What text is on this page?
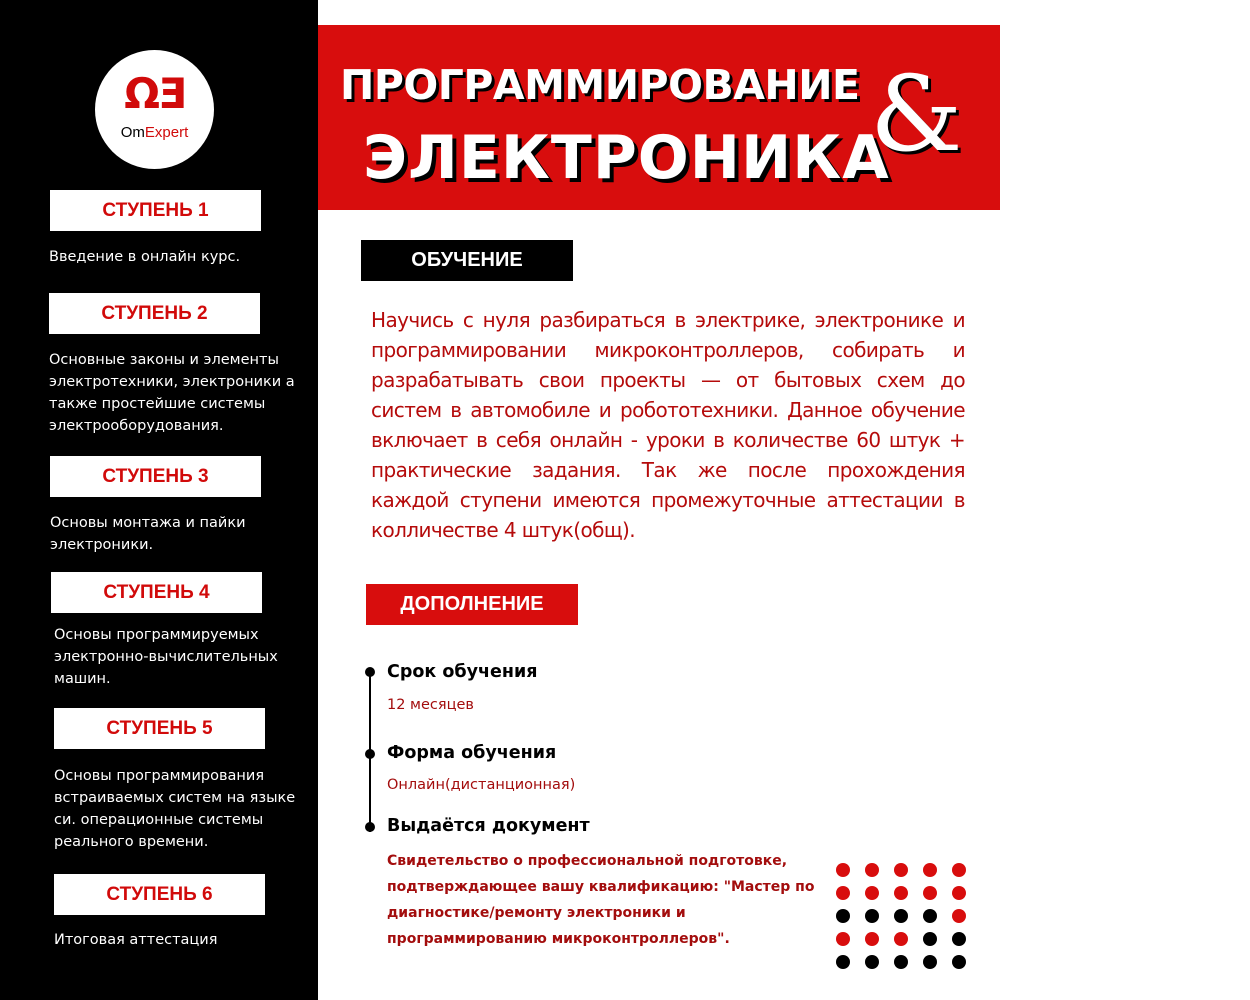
ΩƎ
OmExpert
СТУПЕНЬ 1
Введение в онлайн курс.
СТУПЕНЬ 2
Основные законы и элементы электротехники, электроники а также простейшие системы электрооборудования.
СТУПЕНЬ 3
Основы монтажа и пайки электроники.
СТУПЕНЬ 4
Основы программируемых электронно-вычислительных машин.
СТУПЕНЬ 5
Основы программирования встраиваемых систем на языке си. операционные системы реального времени.
СТУПЕНЬ 6
Итоговая аттестация
ПРОГРАММИРОВАНИЕ
ЭЛЕКТРОНИКА
&	Kaspi.kz
ОБУЧЕНИЕ
Научись с нуля разбираться в электрике, электронике и программировании микроконтроллеров, собирать и разрабатывать свои проекты — от бытовых схем до систем в автомобиле и робототехники. Данное обучение включает в себя онлайн - уроки в количестве 60 штук + практические задания. Так же после прохождения каждой ступени имеются промежуточные аттестации в колличестве 4 штук(общ).
ДОПОЛНЕНИЕ
Срок обучения
12 месяцев
Форма обучения
Онлайн(дистанционная)
Выдаётся документ
Свидетельство о профессиональной подготовке, подтверждающее вашу квалификацию: "Мастер по диагностике/ремонту электроники и программированию микроконтроллеров".
